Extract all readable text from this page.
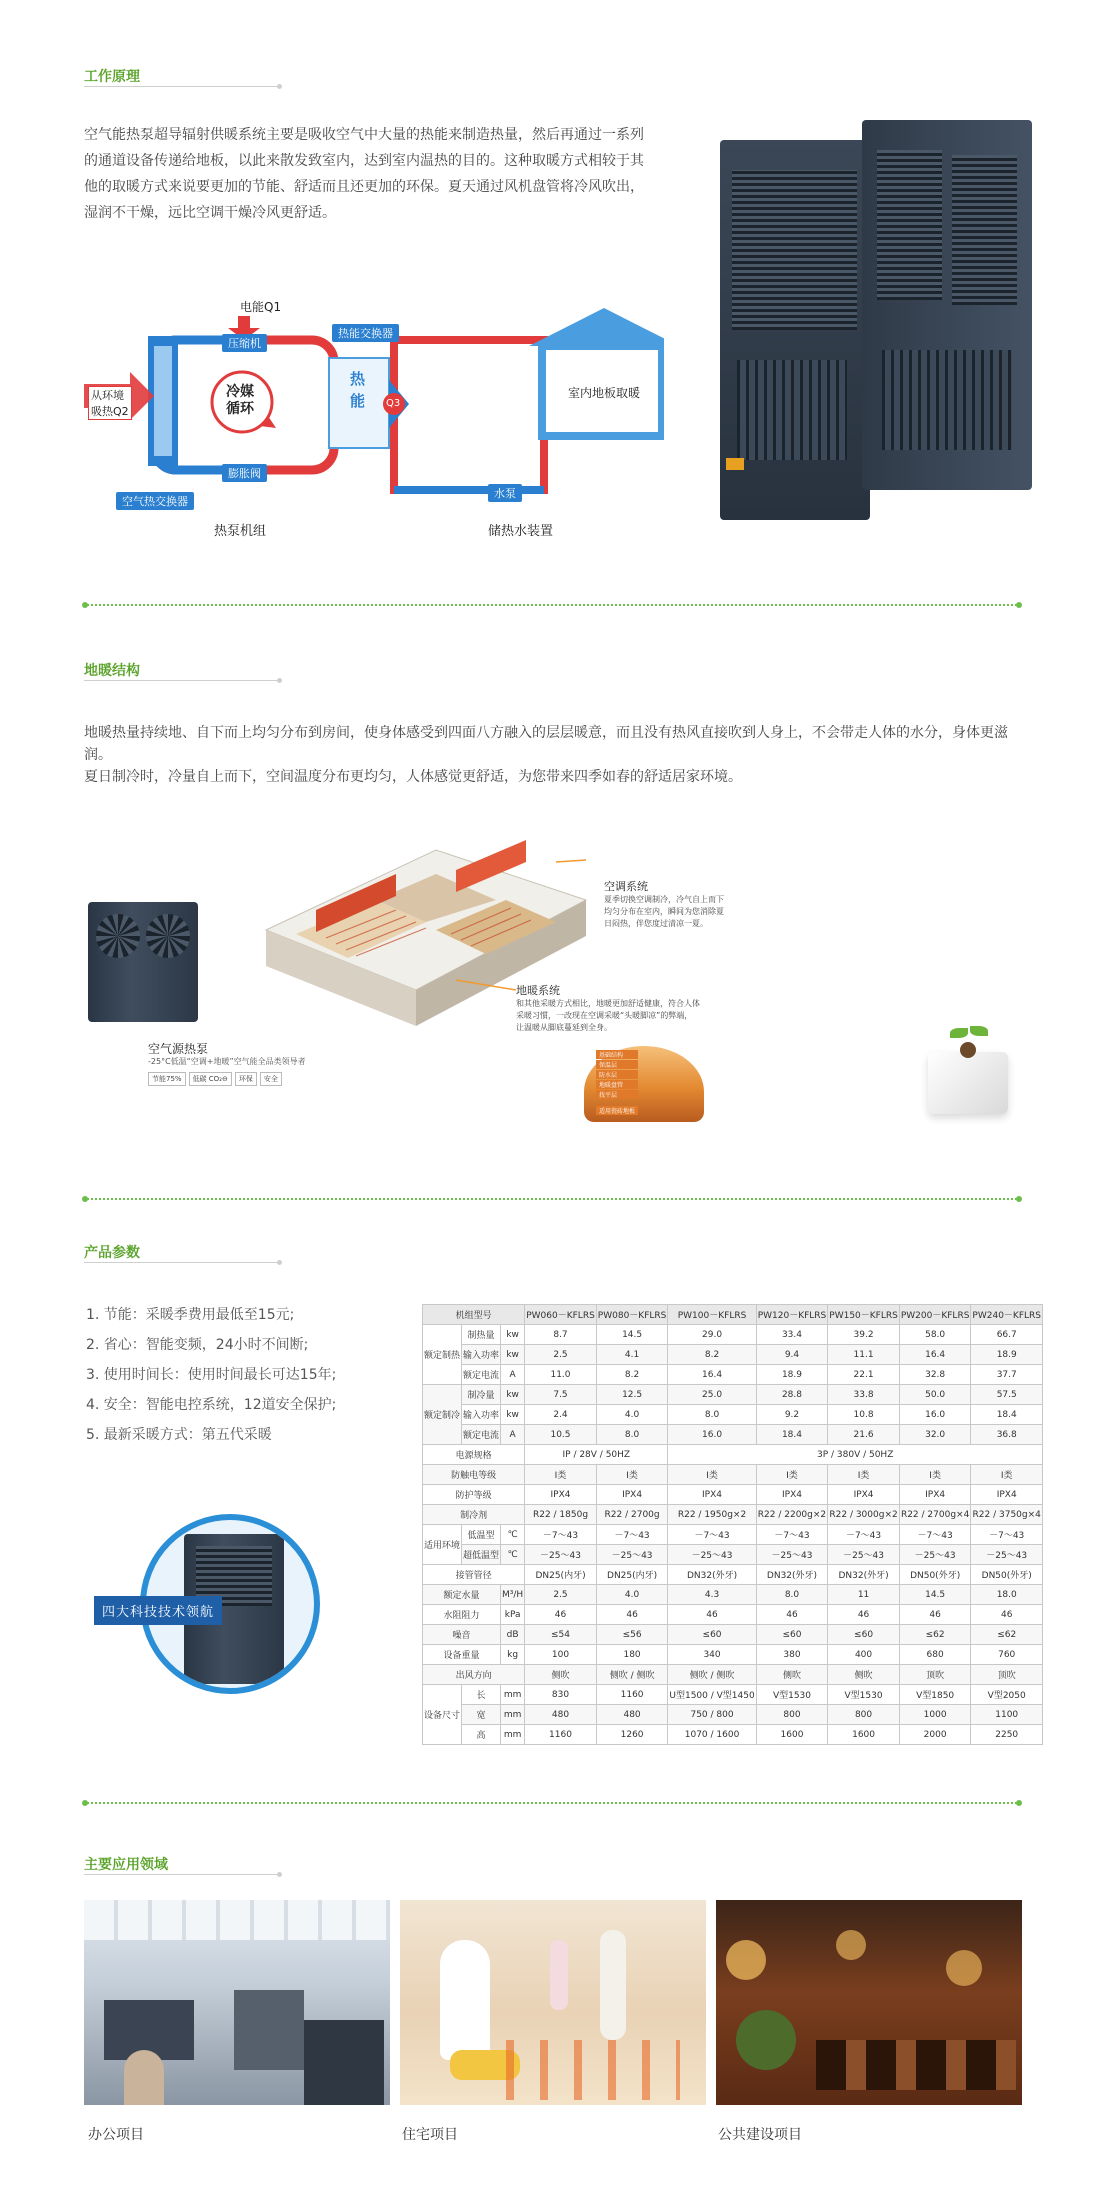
工作原理
空气能热泵超导辐射供暖系统主要是吸收空气中大量的热能来制造热量，然后再通过一系列的通道设备传递给地板，以此来散发致室内，达到室内温热的目的。这种取暖方式相较于其他的取暖方式来说要更加的节能、舒适而且还更加的环保。夏天通过风机盘管将冷风吹出，湿润不干燥，远比空调干燥冷风更舒适。
电能Q1
压缩机
从环境
吸热Q2
冷媒
循环
膨胀阀
空气热交换器
热能交换器
热
能 Q3
室内地板取暖
水泵
热泵机组	储热水装置
地暖结构
地暖热量持续地、自下而上均匀分布到房间，使身体感受到四面八方融入的层层暖意，而且没有热风直接吹到人身上，不会带走人体的水分，身体更滋润。
夏日制冷时，冷量自上而下，空间温度分布更均匀，人体感觉更舒适，为您带来四季如春的舒适居家环境。
空气源热泵
-25°C低温“空调+地暖”空气能全品类领导者
节能75%	低碳 CO₂⊖	环保	安全
空调系统
夏季切换空调制冷，冷气自上而下均匀分布在室内，瞬间为您消除夏日闷热，伴您度过清凉一夏。
地暖系统
和其他采暖方式相比，地暖更加舒适健康，符合人体采暖习惯，一改现在空调采暖“头暖脚凉”的弊端，让温暖从脚底蔓延到全身。
基础结构
保温层
防水层
地暖盘管
找平层
适用瓷砖地板
产品参数
1. 节能：采暖季费用最低至15元;
2. 省心：智能变频，24小时不间断;
3. 使用时间长：使用时间最长可达15年;
4. 安全：智能电控系统，12道安全保护;
5. 最新采暖方式：第五代采暖
四大科技技术领航
机组型号			PW060－KFLRS	PW080－KFLRS	PW100－KFLRS	PW120－KFLRS	PW150－KFLRS	PW200－KFLRS	PW240－KFLRS
额定制热	制热量	kw	8.7	14.5	29.0	33.4	39.2	58.0	66.7
	输入功率	kw	2.5	4.1	8.2	9.4	11.1	16.4	18.9
	额定电流	A	11.0	8.2	16.4	18.9	22.1	32.8	37.7
额定制冷	制冷量	kw	7.5	12.5	25.0	28.8	33.8	50.0	57.5
	输入功率	kw	2.4	4.0	8.0	9.2	10.8	16.0	18.4
	额定电流	A	10.5	8.0	16.0	18.4	21.6	32.0	36.8
电源规格			IP / 28V / 50HZ		3P / 380V / 50HZ				
防触电等级			I类	I类	I类	I类	I类	I类	I类
防护等级			IPX4	IPX4	IPX4	IPX4	IPX4	IPX4	IPX4
制冷剂			R22 / 1850g	R22 / 2700g	R22 / 1950g×2	R22 / 2200g×2	R22 / 3000g×2	R22 / 2700g×4	R22 / 3750g×4
适用环境	低温型	℃	－7～43	－7～43	－7～43	－7～43	－7～43	－7～43	－7～43
	超低温型	℃	－25～43	－25～43	－25～43	－25～43	－25～43	－25～43	－25～43
接管管径			DN25(内牙)	DN25(内牙)	DN32(外牙)	DN32(外牙)	DN32(外牙)	DN50(外牙)	DN50(外牙)
额定水量		M³/H	2.5	4.0	4.3	8.0	11	14.5	18.0
水阻阻力		kPa	46	46	46	46	46	46	46
噪音		dB	≤54	≤56	≤60	≤60	≤60	≤62	≤62
设备重量		kg	100	180	340	380	400	680	760
出风方向			侧吹	侧吹 / 侧吹	侧吹 / 侧吹	侧吹	侧吹	顶吹	顶吹
设备尺寸	长	mm	830	1160	U型1500 / V型1450	V型1530	V型1530	V型1850	V型2050
	宽	mm	480	480	750 / 800	800	800	1000	1100
	高	mm	1160	1260	1070 / 1600	1600	1600	2000	2250
主要应用领域
办公项目	住宅项目	公共建设项目
